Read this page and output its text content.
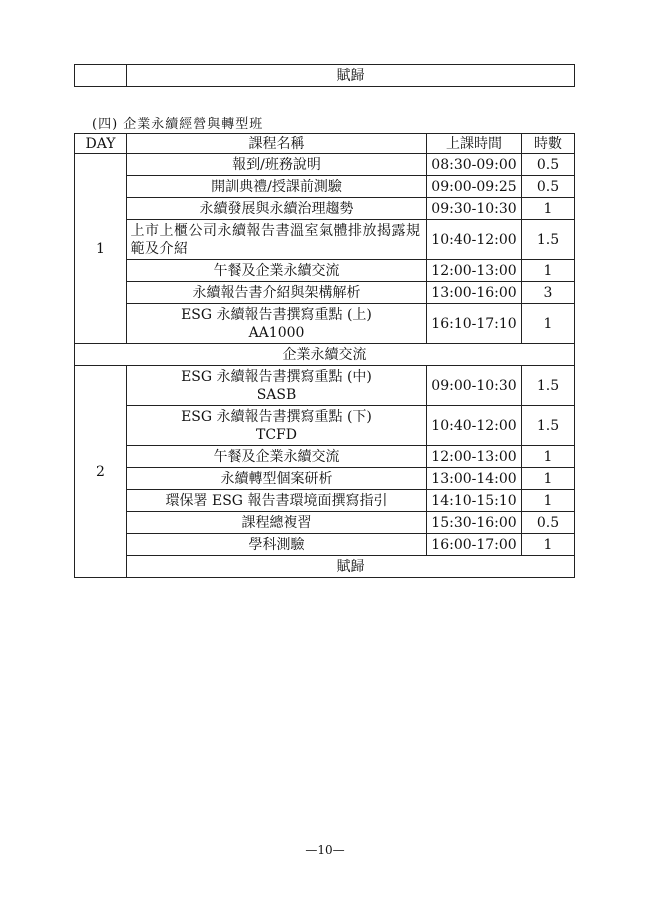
	賦歸
(四) 企業永續經營與轉型班
DAY	課程名稱	上課時間	時數
1	報到/班務說明	08:30-09:00	0.5
	開訓典禮/授課前測驗	09:00-09:25	0.5
	永續發展與永續治理趨勢	09:30-10:30	1
	上市上櫃公司永續報告書溫室氣體排放揭露規範及介紹	10:40-12:00	1.5
	午餐及企業永續交流	12:00-13:00	1
	永續報告書介紹與架構解析	13:00-16:00	3

	ESG 永續報告書撰寫重點 (上)
AA1000	16:10-17:10	1
企業永續交流			
2	ESG 永續報告書撰寫重點 (中)
SASB	09:00-10:30	1.5

	ESG 永續報告書撰寫重點 (下)
TCFD	10:40-12:00	1.5
	午餐及企業永續交流	12:00-13:00	1
	永續轉型個案研析	13:00-14:00	1
	環保署 ESG 報告書環境面撰寫指引	14:10-15:10	1
	課程總複習	15:30-16:00	0.5
	學科測驗	16:00-17:00	1
	賦歸		
—10—
